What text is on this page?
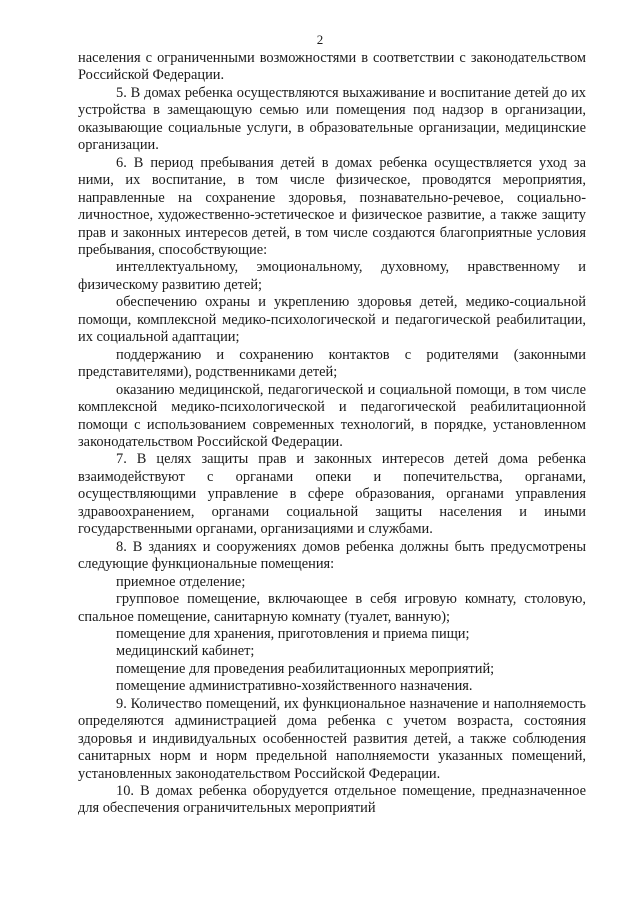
2

населения с ограниченными возможностями в соответствии с законодательством Российской Федерации.

5. В домах ребенка осуществляются выхаживание и воспитание детей до их устройства в замещающую семью или помещения под надзор в организации, оказывающие социальные услуги, в образовательные организации, медицинские организации.

6. В период пребывания детей в домах ребенка осуществляется уход за ними, их воспитание, в том числе физическое, проводятся мероприятия, направленные на сохранение здоровья, познавательно-речевое, социально-личностное, художественно-эстетическое и физическое развитие, а также защиту прав и законных интересов детей, в том числе создаются благоприятные условия пребывания, способствующие:

интеллектуальному, эмоциональному, духовному, нравственному и физическому развитию детей;

обеспечению охраны и укреплению здоровья детей, медико-социальной помощи, комплексной медико-психологической и педагогической реабилитации, их социальной адаптации;

поддержанию и сохранению контактов с родителями (законными представителями), родственниками детей;

оказанию медицинской, педагогической и социальной помощи, в том числе комплексной медико-психологической и педагогической реабилитационной помощи с использованием современных технологий, в порядке, установленном законодательством Российской Федерации.

7. В целях защиты прав и законных интересов детей дома ребенка взаимодействуют с органами опеки и попечительства, органами, осуществляющими управление в сфере образования, органами управления здравоохранением, органами социальной защиты населения и иными государственными органами, организациями и службами.

8. В зданиях и сооружениях домов ребенка должны быть предусмотрены следующие функциональные помещения:

приемное отделение;

групповое помещение, включающее в себя игровую комнату, столовую, спальное помещение, санитарную комнату (туалет, ванную);

помещение для хранения, приготовления и приема пищи;

медицинский кабинет;

помещение для проведения реабилитационных мероприятий;

помещение административно-хозяйственного назначения.

9. Количество помещений, их функциональное назначение и наполняемость определяются администрацией дома ребенка с учетом возраста, состояния здоровья и индивидуальных особенностей развития детей, а также соблюдения санитарных норм и норм предельной наполняемости указанных помещений, установленных законодательством Российской Федерации.

10. В домах ребенка оборудуется отдельное помещение, предназначенное для обеспечения ограничительных мероприятий
